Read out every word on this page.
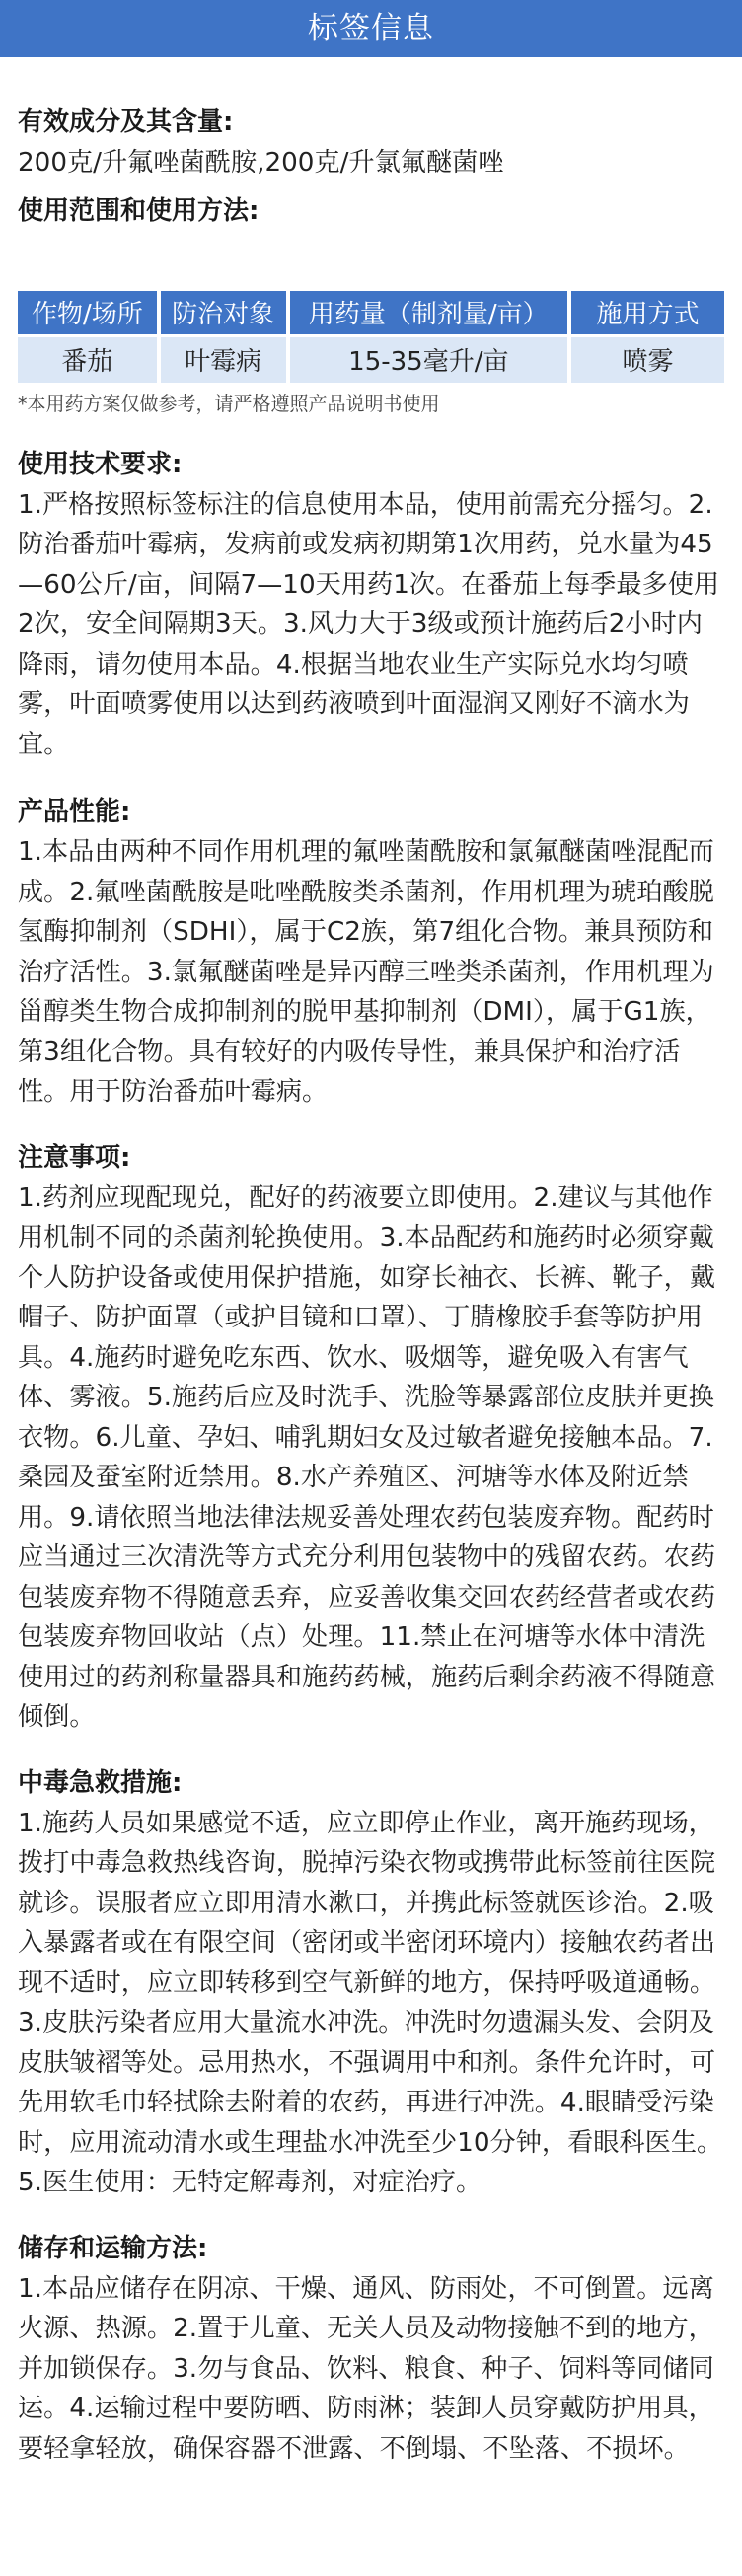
标签信息
有效成分及其含量:
200克/升氟唑菌酰胺,200克/升氯氟醚菌唑
使用范围和使用方法:
作物/场所	防治对象	用药量（制剂量/亩）	施用方式
番茄	叶霉病	15-35毫升/亩	喷雾
*本用药方案仅做参考，请严格遵照产品说明书使用
使用技术要求:
1.严格按照标签标注的信息使用本品，使用前需充分摇匀。2.防治番茄叶霉病，发病前或发病初期第1次用药，兑水量为45—60公斤/亩，间隔7—10天用药1次。在番茄上每季最多使用2次，安全间隔期3天。3.风力大于3级或预计施药后2小时内降雨，请勿使用本品。4.根据当地农业生产实际兑水均匀喷雾，叶面喷雾使用以达到药液喷到叶面湿润又刚好不滴水为宜。
产品性能:
1.本品由两种不同作用机理的氟唑菌酰胺和氯氟醚菌唑混配而成。2.氟唑菌酰胺是吡唑酰胺类杀菌剂，作用机理为琥珀酸脱氢酶抑制剂（SDHI），属于C2族，第7组化合物。兼具预防和治疗活性。3.氯氟醚菌唑是异丙醇三唑类杀菌剂，作用机理为甾醇类生物合成抑制剂的脱甲基抑制剂（DMI），属于G1族，第3组化合物。具有较好的内吸传导性，兼具保护和治疗活性。用于防治番茄叶霉病。
注意事项:
1.药剂应现配现兑，配好的药液要立即使用。2.建议与其他作用机制不同的杀菌剂轮换使用。3.本品配药和施药时必须穿戴个人防护设备或使用保护措施，如穿长袖衣、长裤、靴子，戴帽子、防护面罩（或护目镜和口罩）、丁腈橡胶手套等防护用具。4.施药时避免吃东西、饮水、吸烟等，避免吸入有害气体、雾液。5.施药后应及时洗手、洗脸等暴露部位皮肤并更换衣物。6.儿童、孕妇、哺乳期妇女及过敏者避免接触本品。7.桑园及蚕室附近禁用。8.水产养殖区、河塘等水体及附近禁用。9.请依照当地法律法规妥善处理农药包装废弃物。配药时应当通过三次清洗等方式充分利用包装物中的残留农药。农药包装废弃物不得随意丢弃，应妥善收集交回农药经营者或农药包装废弃物回收站（点）处理。11.禁止在河塘等水体中清洗使用过的药剂称量器具和施药药械，施药后剩余药液不得随意倾倒。
中毒急救措施:
1.施药人员如果感觉不适，应立即停止作业，离开施药现场，拨打中毒急救热线咨询，脱掉污染衣物或携带此标签前往医院就诊。误服者应立即用清水漱口，并携此标签就医诊治。2.吸入暴露者或在有限空间（密闭或半密闭环境内）接触农药者出现不适时，应立即转移到空气新鲜的地方，保持呼吸道通畅。3.皮肤污染者应用大量流水冲洗。冲洗时勿遗漏头发、会阴及皮肤皱褶等处。忌用热水，不强调用中和剂。条件允许时，可先用软毛巾轻拭除去附着的农药，再进行冲洗。4.眼睛受污染时，应用流动清水或生理盐水冲洗至少10分钟，看眼科医生。5.医生使用：无特定解毒剂，对症治疗。
储存和运输方法:
1.本品应储存在阴凉、干燥、通风、防雨处，不可倒置。远离火源、热源。2.置于儿童、无关人员及动物接触不到的地方，并加锁保存。3.勿与食品、饮料、粮食、种子、饲料等同储同运。4.运输过程中要防晒、防雨淋；装卸人员穿戴防护用具，要轻拿轻放，确保容器不泄露、不倒塌、不坠落、不损坏。
